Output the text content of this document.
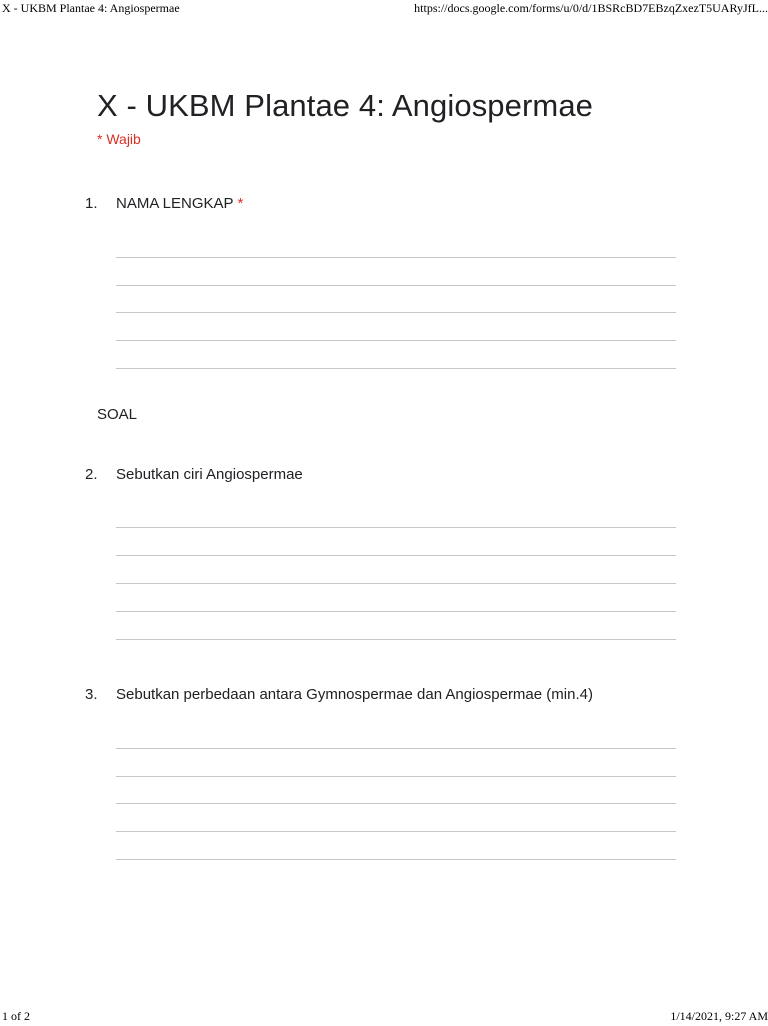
X - UKBM Plantae 4: Angiospermae	https://docs.google.com/forms/u/0/d/1BSRcBD7EBzqZxezT5UARyJfL...
X - UKBM Plantae 4: Angiospermae
* Wajib
1. NAMA LENGKAP *
SOAL
2. Sebutkan ciri Angiospermae
3. Sebutkan perbedaan antara Gymnospermae dan Angiospermae (min.4)
1 of 2	1/14/2021, 9:27 AM
